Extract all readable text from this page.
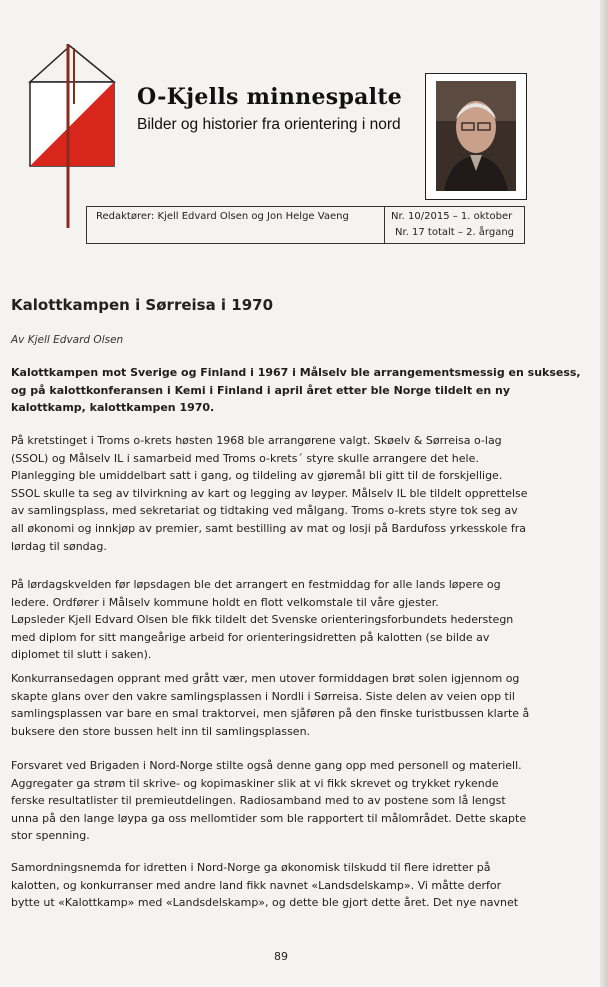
O-Kjells minnespalte
Bilder og historier fra orientering i nord
Redaktører: Kjell Edvard Olsen og Jon Helge Vaeng	Nr. 10/2015 – 1. oktober
Nr. 17 totalt – 2. årgang
Kalottkampen i Sørreisa i 1970
Av Kjell Edvard Olsen

Kalottkampen mot Sverige og Finland i 1967 i Målselv ble arrangementsmessig en suksess,
og på kalottkonferansen i Kemi i Finland i april året etter ble Norge tildelt en ny
kalottkamp, kalottkampen 1970.

På kretstinget i Troms o-krets høsten 1968 ble arrangørene valgt. Skøelv & Sørreisa o-lag
(SSOL) og Målselv IL i samarbeid med Troms o-krets´ styre skulle arrangere det hele.
Planlegging ble umiddelbart satt i gang, og tildeling av gjøremål bli gitt til de forskjellige.
SSOL skulle ta seg av tilvirkning av kart og legging av løyper. Målselv IL ble tildelt opprettelse
av samlingsplass, med sekretariat og tidtaking ved målgang. Troms o-krets styre tok seg av
all økonomi og innkjøp av premier, samt bestilling av mat og losji på Bardufoss yrkesskole fra
lørdag til søndag.

På lørdagskvelden før løpsdagen ble det arrangert en festmiddag for alle lands løpere og
ledere. Ordfører i Målselv kommune holdt en flott velkomstale til våre gjester.
Løpsleder Kjell Edvard Olsen ble fikk tildelt det Svenske orienteringsforbundets hederstegn
med diplom for sitt mangeårige arbeid for orienteringsidretten på kalotten (se bilde av
diplomet til slutt i saken).

Konkurransedagen opprant med grått vær, men utover formiddagen brøt solen igjennom og
skapte glans over den vakre samlingsplassen i Nordli i Sørreisa. Siste delen av veien opp til
samlingsplassen var bare en smal traktorvei, men sjåføren på den finske turistbussen klarte å
buksere den store bussen helt inn til samlingsplassen.

Forsvaret ved Brigaden i Nord-Norge stilte også denne gang opp med personell og materiell.
Aggregater ga strøm til skrive- og kopimaskiner slik at vi fikk skrevet og trykket rykende
ferske resultatlister til premieutdelingen. Radiosamband med to av postene som lå lengst
unna på den lange løypa ga oss mellomtider som ble rapportert til målområdet. Dette skapte
stor spenning.

Samordningsnemda for idretten i Nord-Norge ga økonomisk tilskudd til flere idretter på
kalotten, og konkurranser med andre land fikk navnet «Landsdelskamp». Vi måtte derfor
bytte ut «Kalottkamp» med «Landsdelskamp», og dette ble gjort dette året. Det nye navnet

89
